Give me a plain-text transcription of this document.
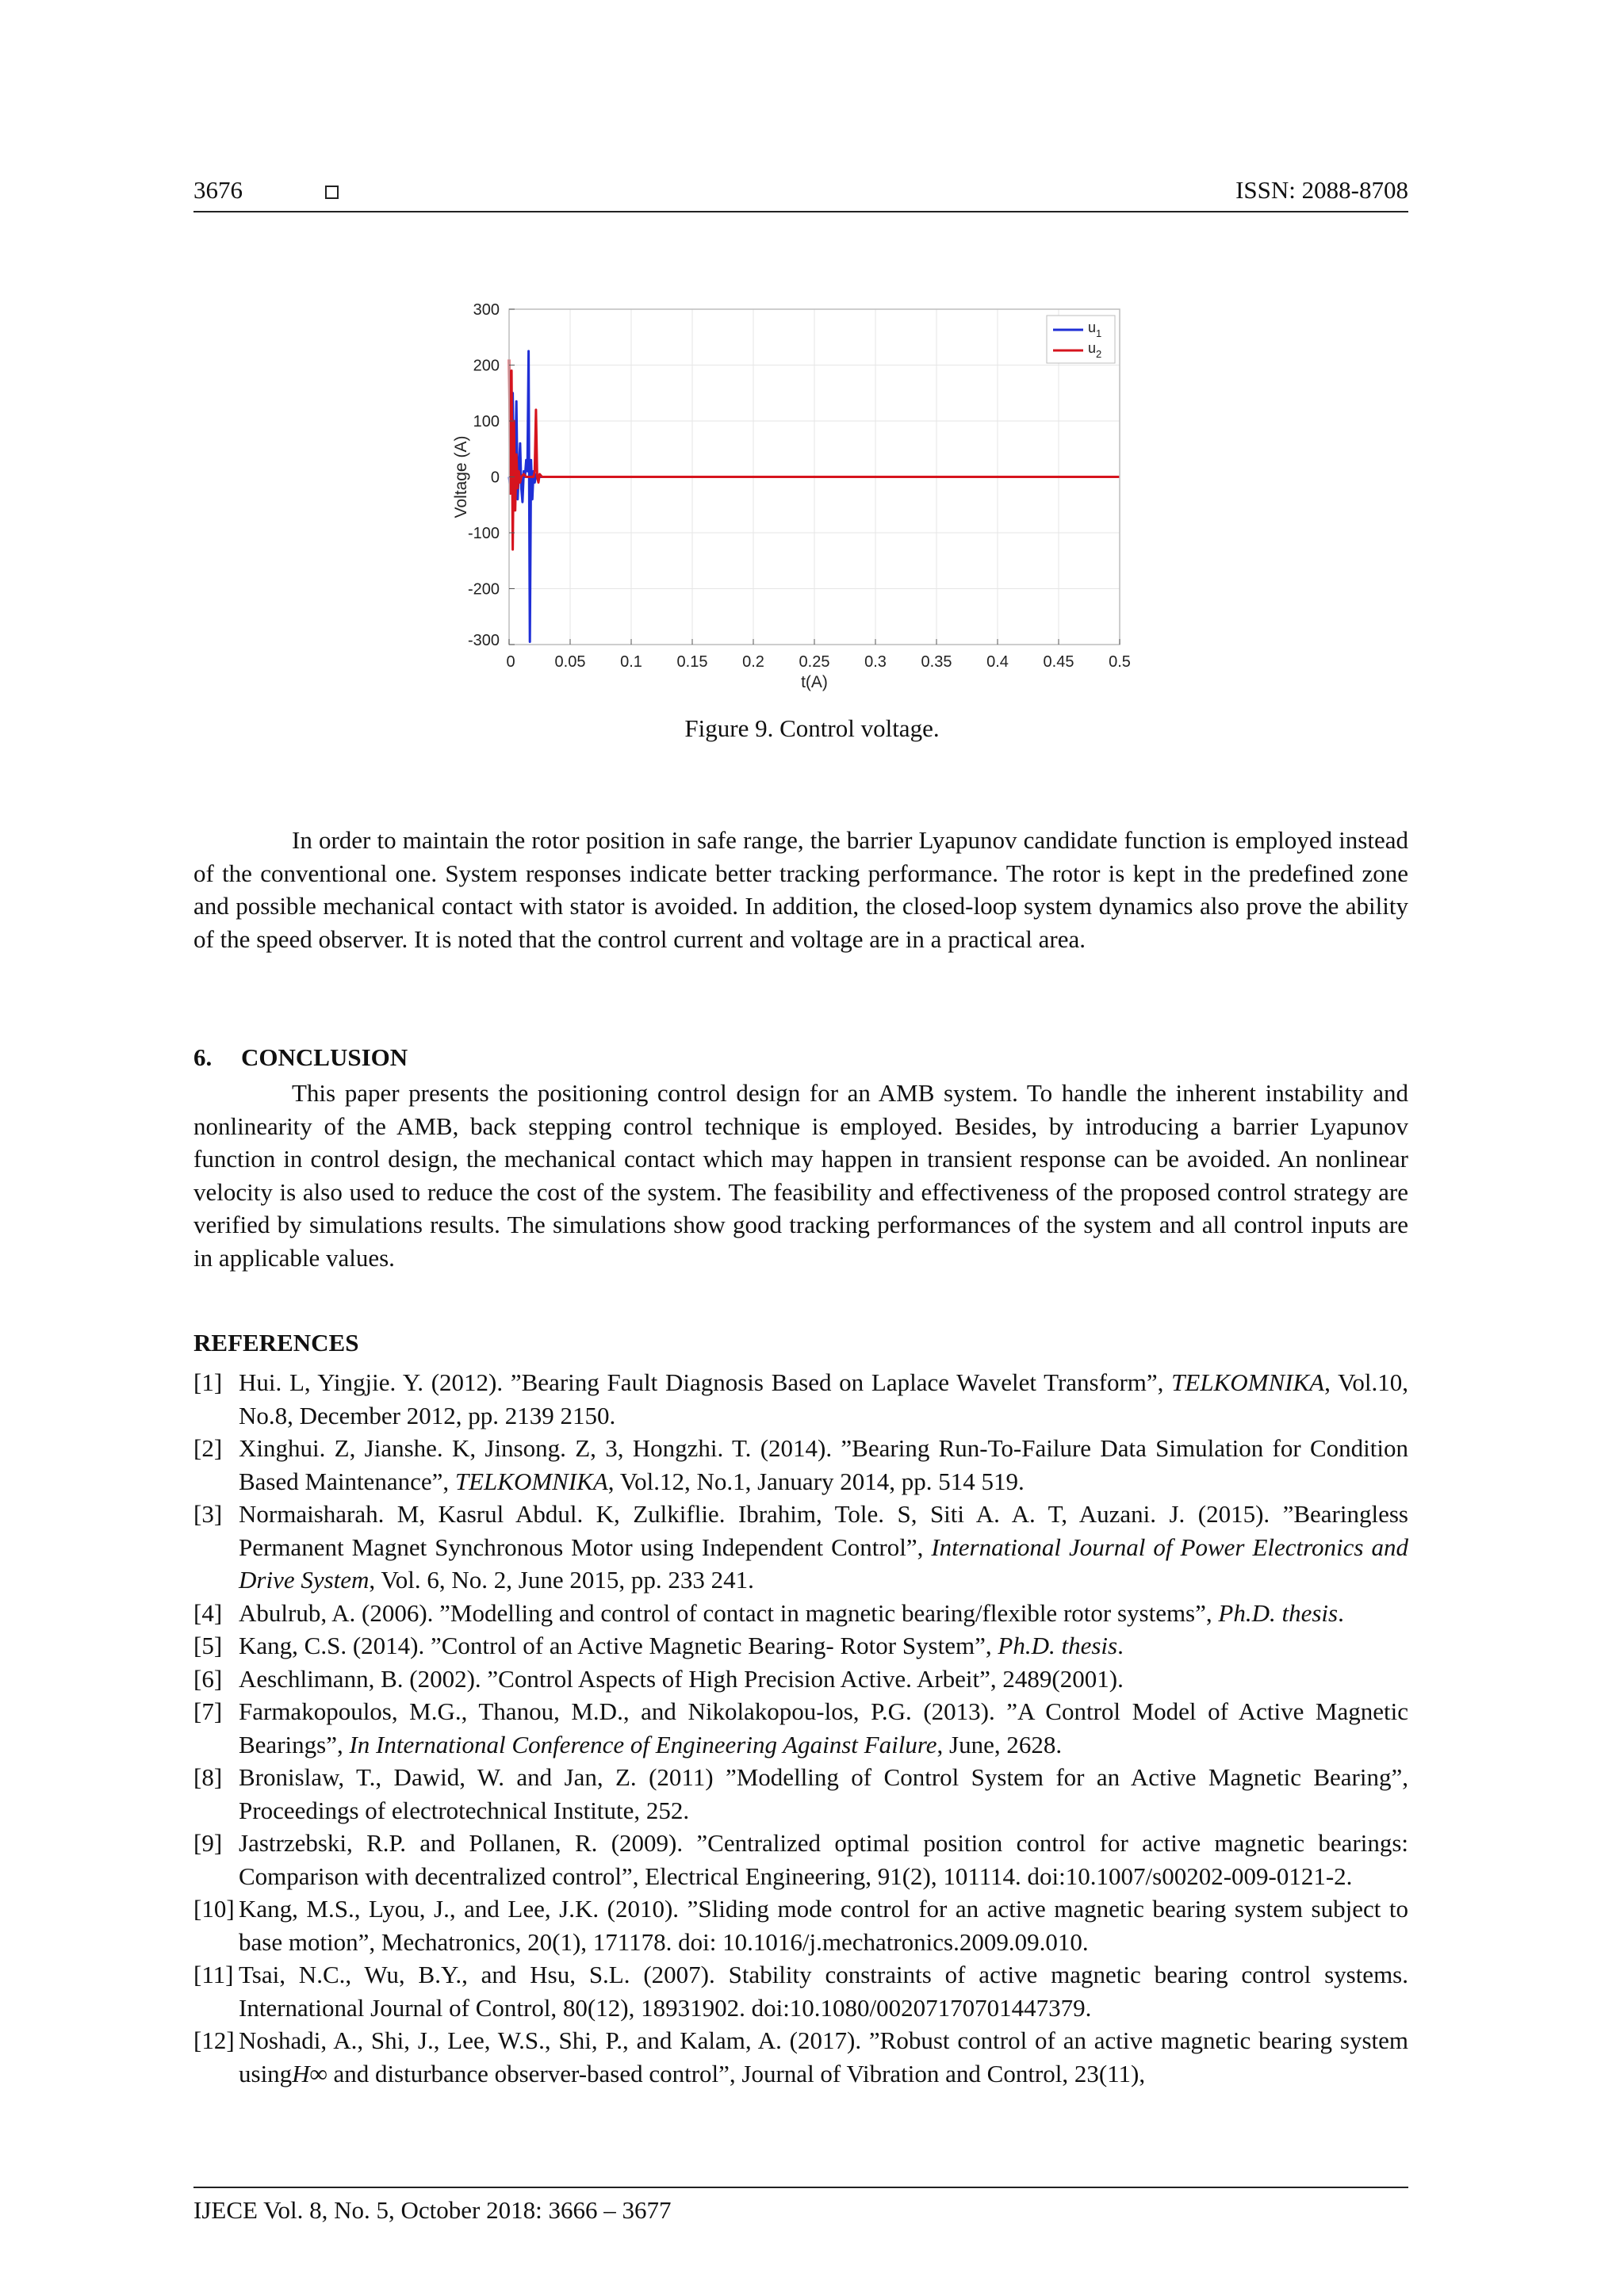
3676	ISSN: 2088-8708
0 0.05 0.1 0.15 0.2 0.25 0.3 0.35 0.4 0.45 0.5
300
200
100
0
-100
-200
-300
t(A)
Voltage (A)
$u_1$
$u_2$
Figure 9. Control voltage.

In order to maintain the rotor position in safe range, the barrier Lyapunov candidate function is employed instead of the conventional one. System responses indicate better tracking performance. The rotor is kept in the predefined zone and possible mechanical contact with stator is avoided. In addition, the closed-loop system dynamics also prove the ability of the speed observer. It is noted that the control current and voltage are in a practical area.

6. CONCLUSION

This paper presents the positioning control design for an AMB system. To handle the inherent instability and nonlinearity of the AMB, back stepping control technique is employed. Besides, by introducing a barrier Lyapunov function in control design, the mechanical contact which may happen in transient response can be avoided. An nonlinear velocity is also used to reduce the cost of the system. The feasibility and effectiveness of the proposed control strategy are verified by simulations results. The simulations show good tracking performances of the system and all control inputs are in applicable values.

REFERENCES
[1] Hui. L, Yingjie. Y. (2012). ”Bearing Fault Diagnosis Based on Laplace Wavelet Transform”, TELKOMNIKA, Vol.10, No.8, December 2012, pp. 2139 2150.
[2] Xinghui. Z, Jianshe. K, Jinsong. Z, 3, Hongzhi. T. (2014). ”Bearing Run-To-Failure Data Simulation for Condition Based Maintenance”, TELKOMNIKA, Vol.12, No.1, January 2014, pp. 514 519.
[3] Normaisharah. M, Kasrul Abdul. K, Zulkiflie. Ibrahim, Tole. S, Siti A. A. T, Auzani. J. (2015). ”Bearingless Permanent Magnet Synchronous Motor using Independent Control”, International Journal of Power Electronics and Drive System, Vol. 6, No. 2, June 2015, pp. 233 241.
[4] Abulrub, A. (2006). ”Modelling and control of contact in magnetic bearing/flexible rotor systems”, Ph.D. thesis.
[5] Kang, C.S. (2014). ”Control of an Active Magnetic Bearing- Rotor System”, Ph.D. thesis.
[6] Aeschlimann, B. (2002). ”Control Aspects of High Precision Active. Arbeit”, 2489(2001).
[7] Farmakopoulos, M.G., Thanou, M.D., and Nikolakopou-los, P.G. (2013). ”A Control Model of Active Magnetic Bearings”, In International Conference of Engineering Against Failure, June, 2628.
[8] Bronislaw, T., Dawid, W. and Jan, Z. (2011) ”Modelling of Control System for an Active Magnetic Bearing”, Proceedings of electrotechnical Institute, 252.
[9] Jastrzebski, R.P. and Pollanen, R. (2009). ”Centralized optimal position control for active magnetic bearings: Comparison with decentralized control”, Electrical Engineering, 91(2), 101114. doi:10.1007/s00202-009-0121-2.
[10] Kang, M.S., Lyou, J., and Lee, J.K. (2010). ”Sliding mode control for an active magnetic bearing system subject to base motion”, Mechatronics, 20(1), 171178. doi: 10.1016/j.mechatronics.2009.09.010.
[11] Tsai, N.C., Wu, B.Y., and Hsu, S.L. (2007). Stability constraints of active magnetic bearing control systems. International Journal of Control, 80(12), 18931902. doi:10.1080/00207170701447379.
[12] Noshadi, A., Shi, J., Lee, W.S., Shi, P., and Kalam, A. (2017). ”Robust control of an active magnetic bearing system usingH∞ and disturbance observer-based control”, Journal of Vibration and Control, 23(11),
IJECE Vol. 8, No. 5, October 2018: 3666 – 3677
